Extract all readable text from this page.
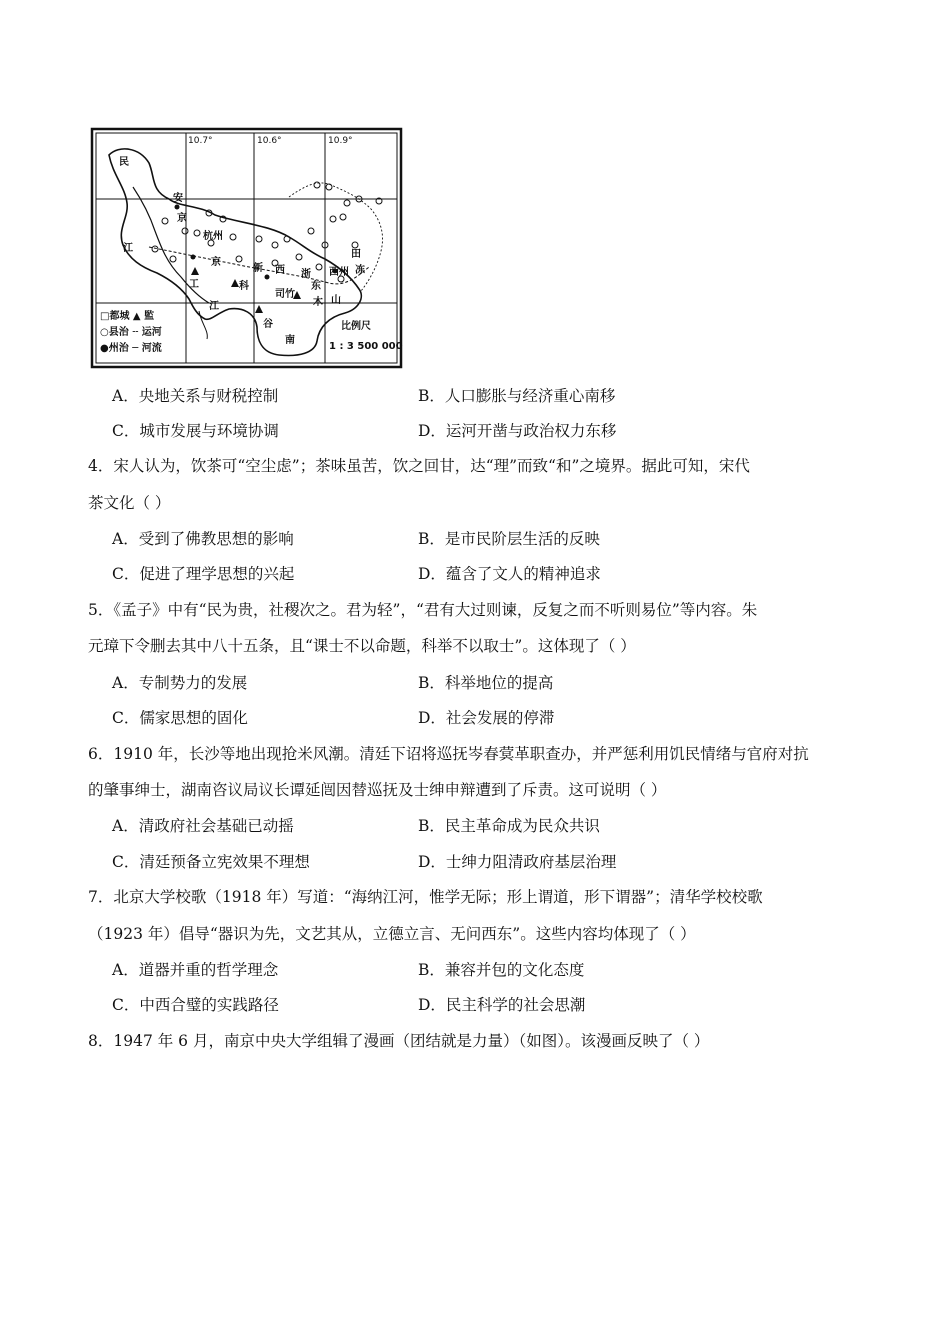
10.7°	10.6°	10.9°
民
安
杭州
京
京
江
新 西
工	科
司竹
浙
东
谷
南
江
西州
田
木 山
冻
□都城 ▲ 監
○县治 ╌ 运河
●州治 ─ 河流
比例尺
1 : 3 500 000
A．央地关系与财税控制	B．人口膨胀与经济重心南移
C．城市发展与环境协调	D．运河开凿与政治权力东移
4．宋人认为，饮茶可“空尘虑”；茶味虽苦，饮之回甘，达“理”而致“和”之境界。据此可知，宋代
茶文化（ ）
A．受到了佛教思想的影响	B．是市民阶层生活的反映
C．促进了理学思想的兴起	D．蕴含了文人的精神追求
5．《孟子》中有“民为贵，社稷次之。君为轻”，“君有大过则谏，反复之而不听则易位”等内容。朱
元璋下令删去其中八十五条，且“课士不以命题，科举不以取士”。这体现了（ ）
A．专制势力的发展	B．科举地位的提高
C．儒家思想的固化	D．社会发展的停滞
6．1910 年，长沙等地出现抢米风潮。清廷下诏将巡抚岑春蓂革职查办，并严惩利用饥民情绪与官府对抗
的肇事绅士，湖南咨议局议长谭延闿因替巡抚及士绅申辩遭到了斥责。这可说明（ ）
A．清政府社会基础已动摇	B．民主革命成为民众共识
C．清廷预备立宪效果不理想	D．士绅力阻清政府基层治理
7．北京大学校歌（1918 年）写道：“海纳江河，惟学无际；形上谓道，形下谓器”；清华学校校歌
（1923 年）倡导“器识为先，文艺其从，立德立言、无问西东”。这些内容均体现了（ ）
A．道器并重的哲学理念	B．兼容并包的文化态度
C．中西合璧的实践路径	D．民主科学的社会思潮
8．1947 年 6 月，南京中央大学组辑了漫画（团结就是力量）（如图）。该漫画反映了（ ）
